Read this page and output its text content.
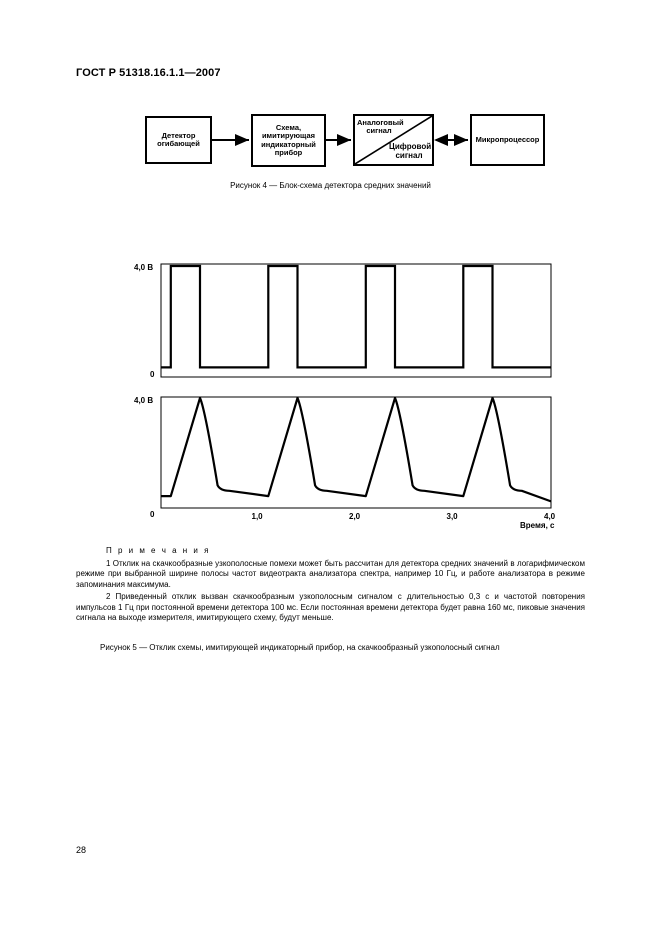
ГОСТ Р 51318.16.1.1—2007
Детектор
огибающей
Схема,
имитирующая
индикаторный
прибор
Аналоговый
сигнал
Цифровой
сигнал
Микропроцессор
Рисунок 4 — Блок-схема детектора средних значений
4,0 В
0
4,0 В
0	1,0	2,0	3,0	4,0
Время, с
П р и м е ч а н и я

1 Отклик на скачкообразные узкополосные помехи может быть рассчитан для детектора средних значений в логарифмическом режиме при выбранной ширине полосы частот видеотракта анализатора спектра, например 10 Гц, и работе анализатора в режиме запоминания максимума.

2 Приведенный отклик вызван скачкообразным узкополосным сигналом с длительностью 0,3 с и частотой повторения импульсов 1 Гц при постоянной времени детектора 100 мс. Если постоянная времени детектора будет равна 160 мс, пиковые значения сигнала на выходе измерителя, имитирующего схему, будут меньше.

Рисунок 5 — Отклик схемы, имитирующей индикаторный прибор, на скачкообразный узкополосный сигнал
28
